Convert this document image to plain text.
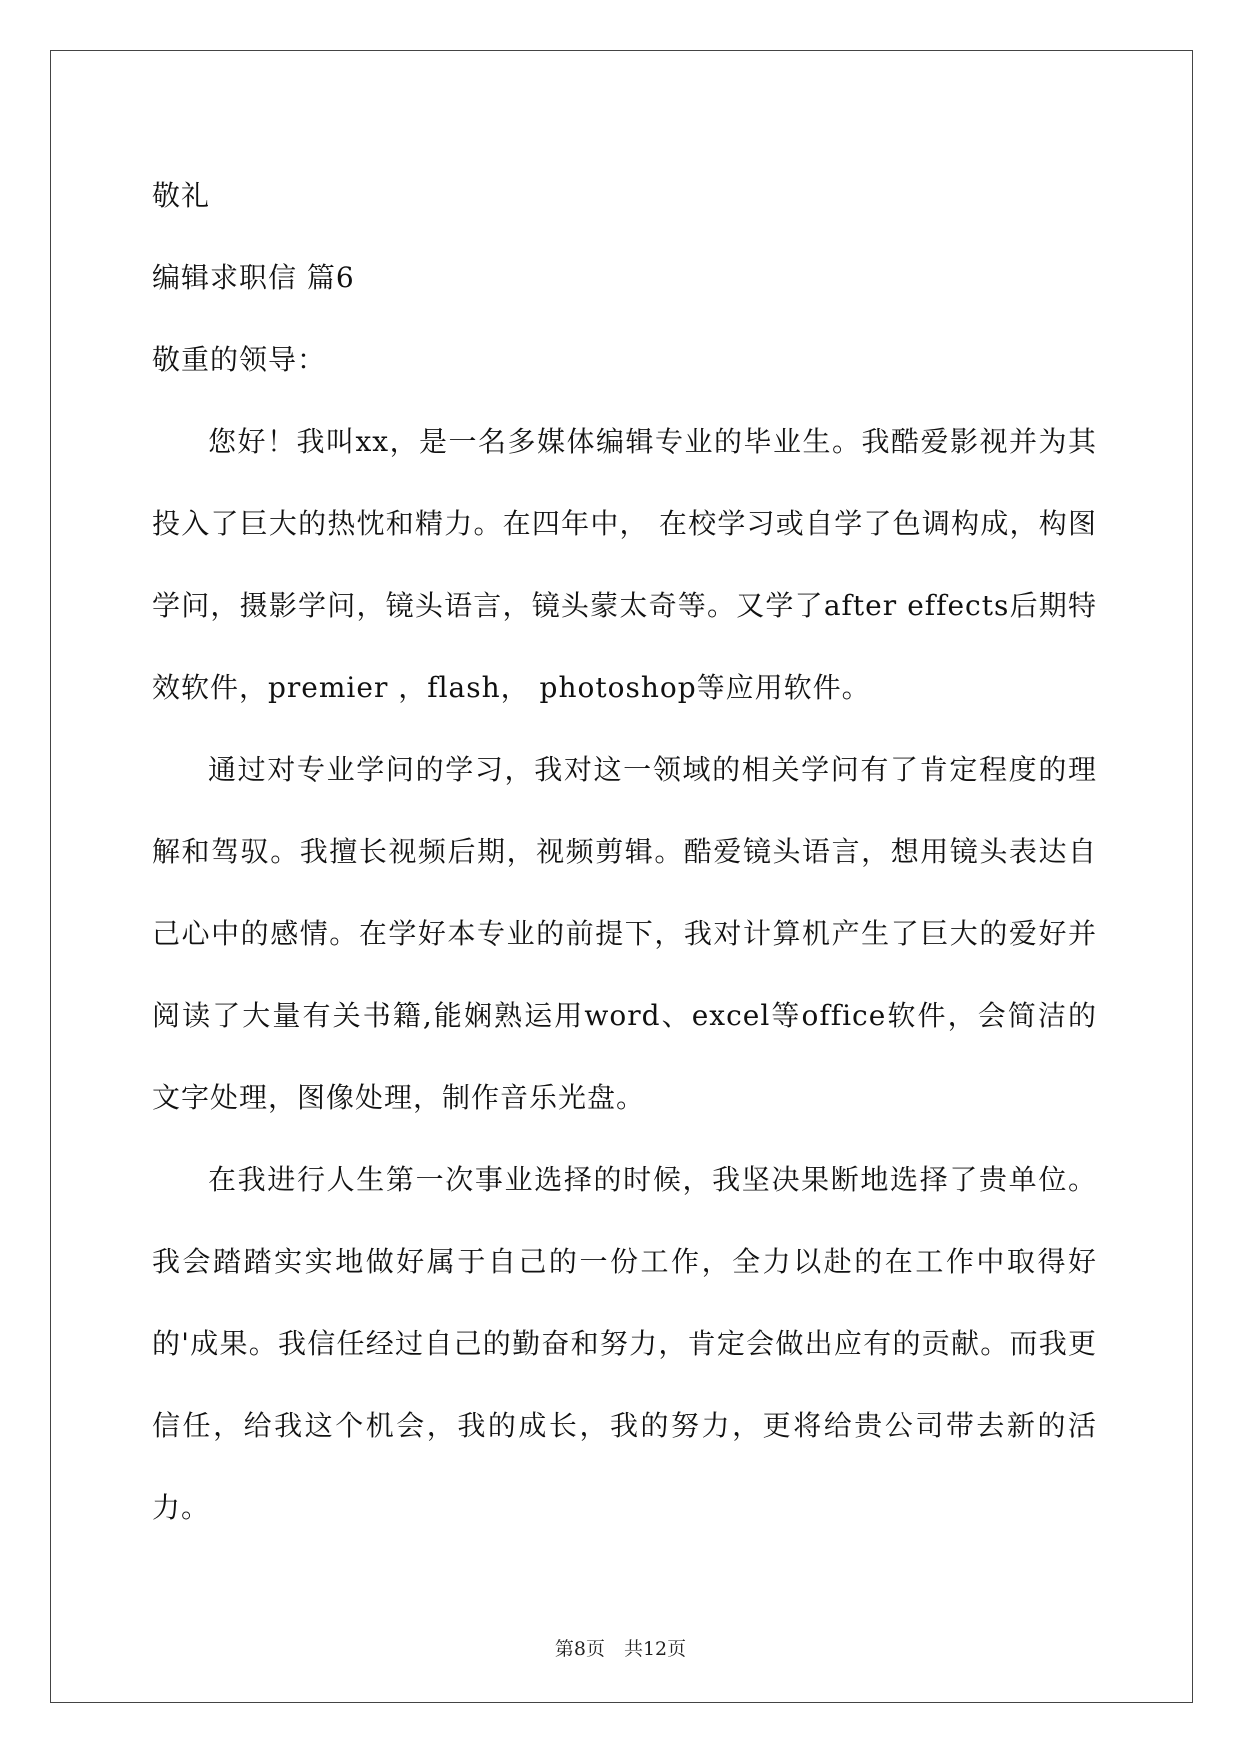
敬礼
编辑求职信 篇6
敬重的领导：

您好！我叫xx，是一名多媒体编辑专业的毕业生。我酷爱影视并为其投入了巨大的热忱和精力。在四年中， 在校学习或自学了色调构成，构图学问，摄影学问，镜头语言，镜头蒙太奇等。又学了after effects后期特效软件，premier ，flash， photoshop等应用软件。

通过对专业学问的学习，我对这一领域的相关学问有了肯定程度的理解和驾驭。我擅长视频后期，视频剪辑。酷爱镜头语言，想用镜头表达自己心中的感情。在学好本专业的前提下，我对计算机产生了巨大的爱好并阅读了大量有关书籍,能娴熟运用word、excel等office软件，会简洁的文字处理，图像处理，制作音乐光盘。

在我进行人生第一次事业选择的时候，我坚决果断地选择了贵单位。我会踏踏实实地做好属于自己的一份工作，全力以赴的在工作中取得好的'成果。我信任经过自己的勤奋和努力，肯定会做出应有的贡献。而我更信任，给我这个机会，我的成长，我的努力，更将给贵公司带去新的活力。

第8页　共12页
